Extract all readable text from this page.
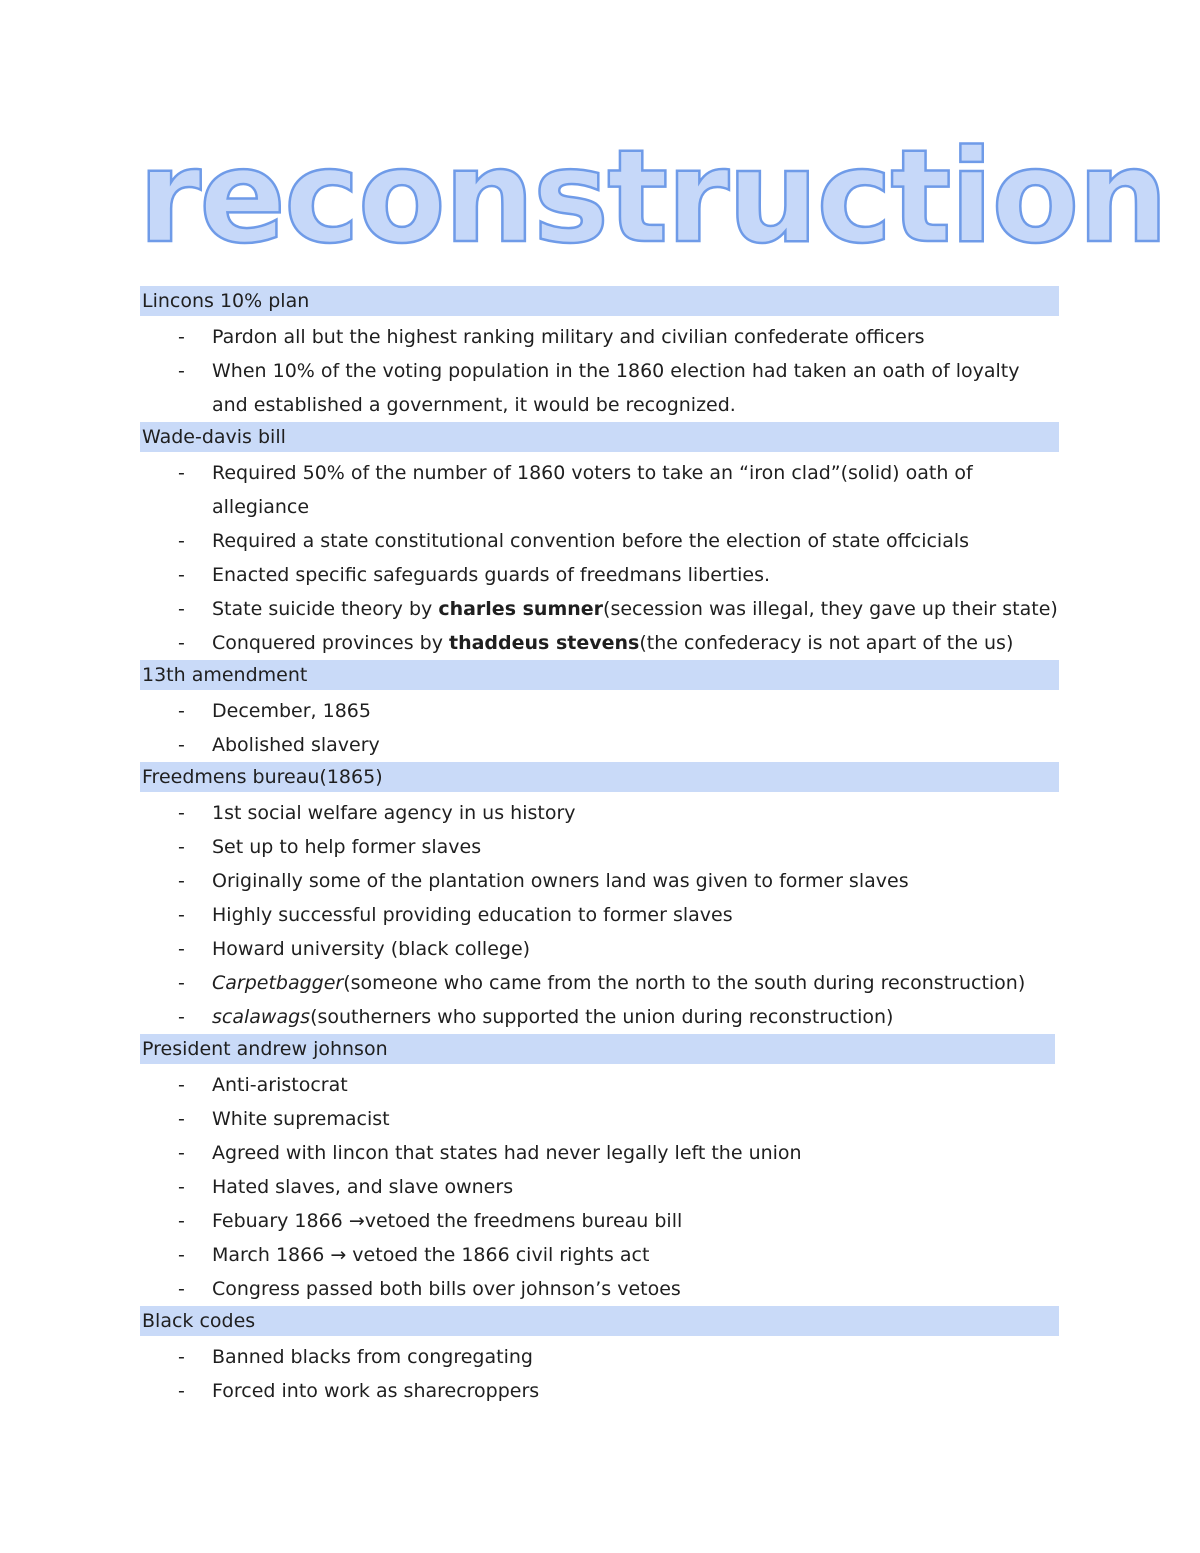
reconstruction
Lincons 10% plan
- Pardon all but the highest ranking military and civilian confederate officers
- When 10% of the voting population in the 1860 election had taken an oath of loyalty and established a government, it would be recognized.
Wade-davis bill
- Required 50% of the number of 1860 voters to take an “iron clad”(solid) oath of allegiance
- Required a state constitutional convention before the election of state offcicials
- Enacted specific safeguards guards of freedmans liberties.
- State suicide theory by charles sumner(secession was illegal, they gave up their state)
- Conquered provinces by thaddeus stevens(the confederacy is not apart of the us)
13th amendment
- December, 1865
- Abolished slavery
Freedmens bureau(1865)
- 1st social welfare agency in us history
- Set up to help former slaves
- Originally some of the plantation owners land was given to former slaves
- Highly successful providing education to former slaves
- Howard university (black college)
- Carpetbagger(someone who came from the north to the south during reconstruction)
- scalawags(southerners who supported the union during reconstruction)
President andrew johnson
- Anti-aristocrat
- White supremacist
- Agreed with lincon that states had never legally left the union
- Hated slaves, and slave owners
- Febuary 1866 →vetoed the freedmens bureau bill
- March 1866 → vetoed the 1866 civil rights act
- Congress passed both bills over johnson’s vetoes
Black codes
- Banned blacks from congregating
- Forced into work as sharecroppers
